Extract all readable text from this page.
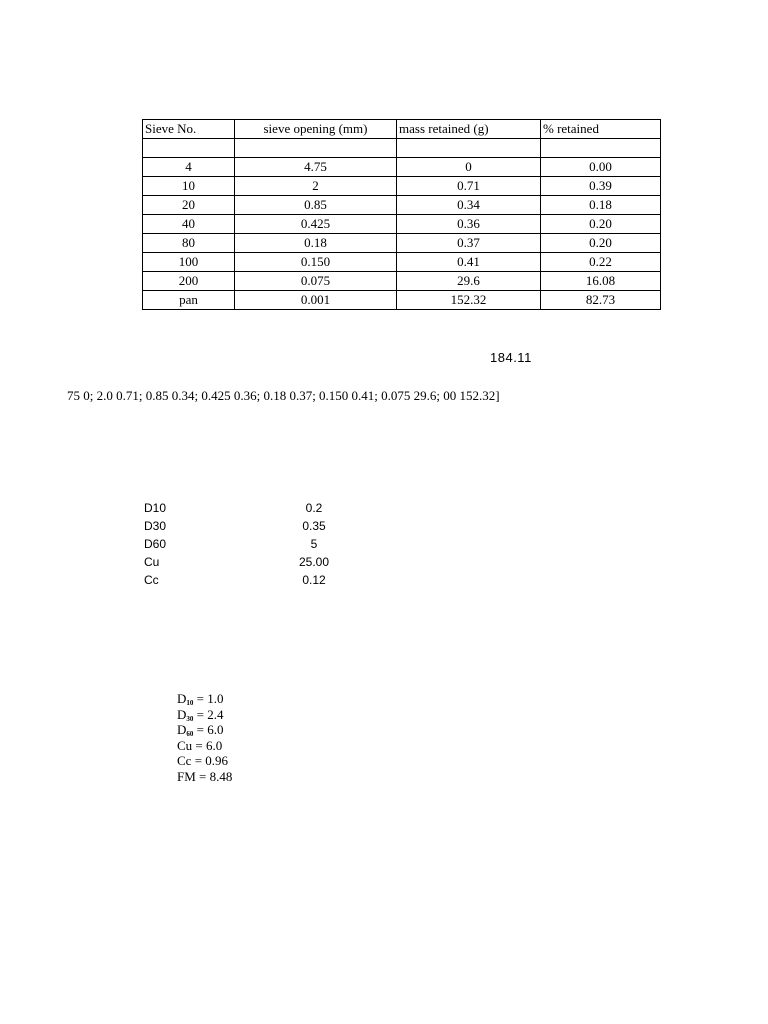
Sieve No.	sieve opening (mm)	mass retained (g)	% retained

4	4.75	0	0.00
10	2	0.71	0.39
20	0.85	0.34	0.18
40	0.425	0.36	0.20
80	0.18	0.37	0.20
100	0.150	0.41	0.22
200	0.075	29.6	16.08
pan	0.001	152.32	82.73
184.11
75 0; 2.0 0.71; 0.85 0.34; 0.425 0.36; 0.18 0.37; 0.150 0.41; 0.075 29.6; 00 152.32]
D10	0.2
D30	0.35
D60	5
Cu	25.00
Cc	0.12
$D_{10} = 1.0$
$D_{30} = 2.4$
$D_{60} = 6.0$
Cu = 6.0
Cc = 0.96
FM = 8.48
